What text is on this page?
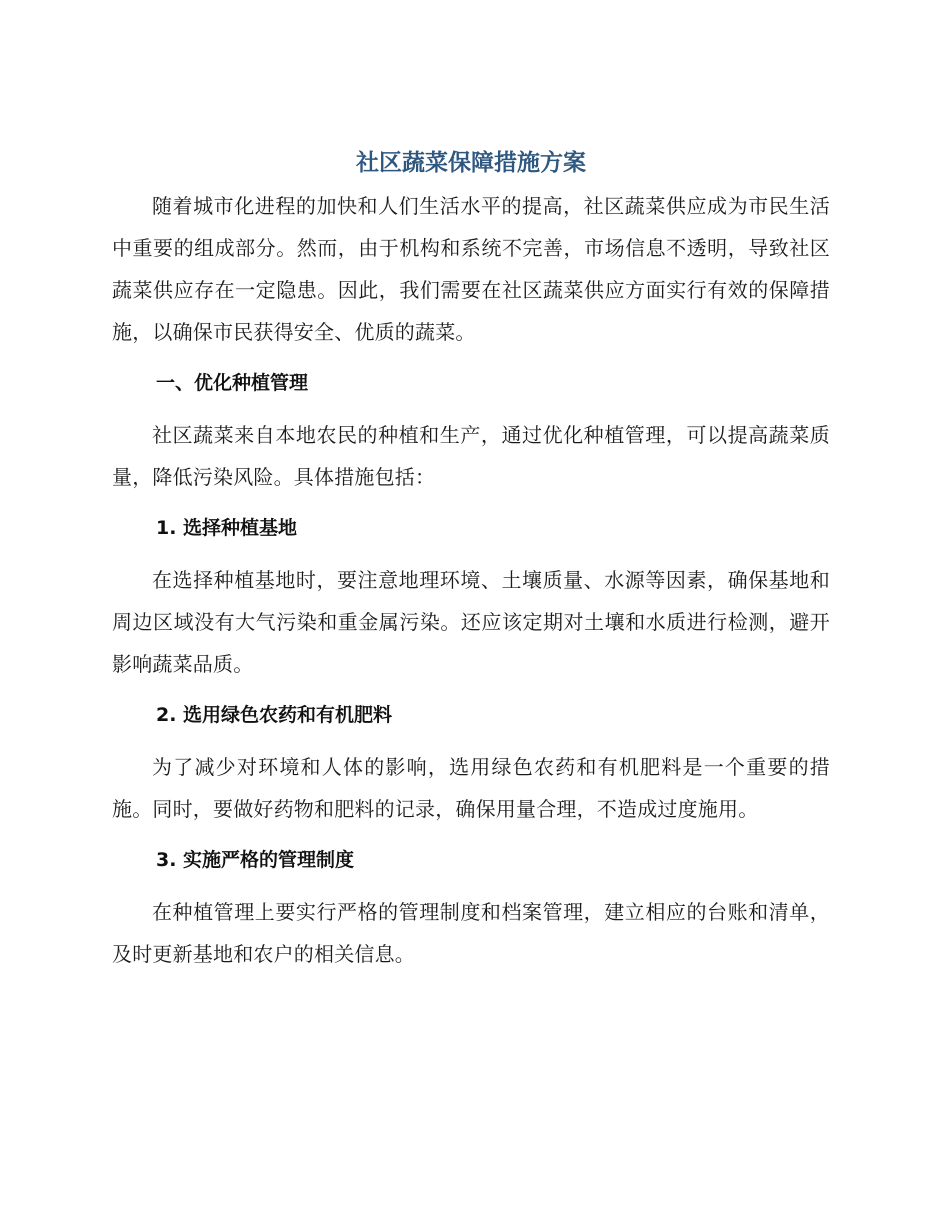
社区蔬菜保障措施方案

随着城市化进程的加快和人们生活水平的提高，社区蔬菜供应成为市民生活中重要的组成部分。然而，由于机构和系统不完善，市场信息不透明，导致社区蔬菜供应存在一定隐患。因此，我们需要在社区蔬菜供应方面实行有效的保障措施，以确保市民获得安全、优质的蔬菜。

一、优化种植管理

社区蔬菜来自本地农民的种植和生产，通过优化种植管理，可以提高蔬菜质量，降低污染风险。具体措施包括：

1. 选择种植基地

在选择种植基地时，要注意地理环境、土壤质量、水源等因素，确保基地和周边区域没有大气污染和重金属污染。还应该定期对土壤和水质进行检测，避开影响蔬菜品质。

2. 选用绿色农药和有机肥料

为了减少对环境和人体的影响，选用绿色农药和有机肥料是一个重要的措施。同时，要做好药物和肥料的记录，确保用量合理，不造成过度施用。

3. 实施严格的管理制度

在种植管理上要实行严格的管理制度和档案管理，建立相应的台账和清单，及时更新基地和农户的相关信息。
